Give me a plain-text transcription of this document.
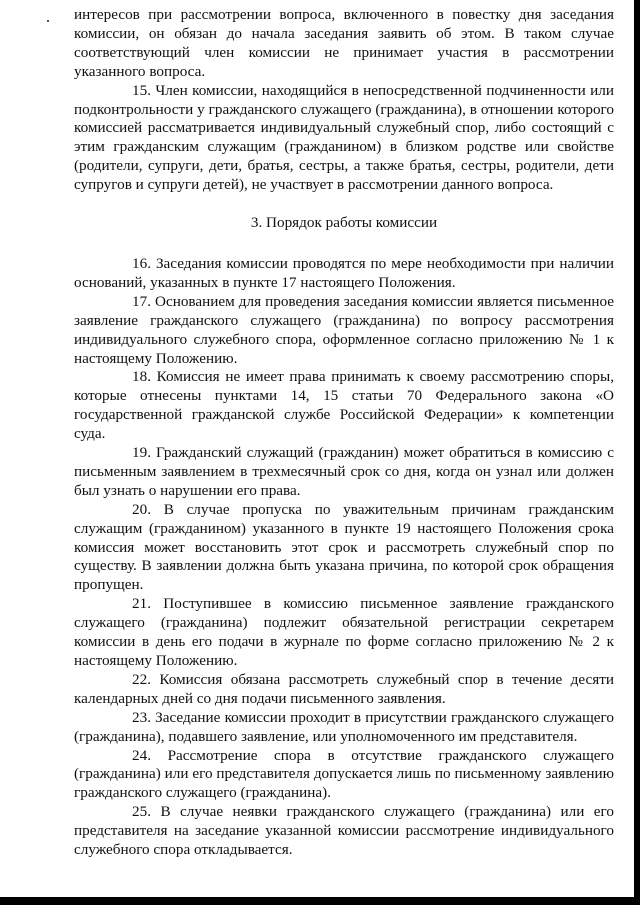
интересов при рассмотрении вопроса, включенного в повестку дня заседания комиссии, он обязан до начала заседания заявить об этом. В таком случае соответствующий член комиссии не принимает участия в рассмотрении указанного вопроса.

15. Член комиссии, находящийся в непосредственной подчиненности или подконтрольности у гражданского служащего (гражданина), в отношении которого комиссией рассматривается индивидуальный служебный спор, либо состоящий с этим гражданским служащим (гражданином) в близком родстве или свойстве (родители, супруги, дети, братья, сестры, а также братья, сестры, родители, дети супругов и супруги детей), не участвует в рассмотрении данного вопроса.

3. Порядок работы комиссии

16. Заседания комиссии проводятся по мере необходимости при наличии оснований, указанных в пункте 17 настоящего Положения.

17. Основанием для проведения заседания комиссии является письменное заявление гражданского служащего (гражданина) по вопросу рассмотрения индивидуального служебного спора, оформленное согласно приложению № 1 к настоящему Положению.

18. Комиссия не имеет права принимать к своему рассмотрению споры, которые отнесены пунктами 14, 15 статьи 70 Федерального закона «О государственной гражданской службе Российской Федерации» к компетенции суда.

19. Гражданский служащий (гражданин) может обратиться в комиссию с письменным заявлением в трехмесячный срок со дня, когда он узнал или должен был узнать о нарушении его права.

20. В случае пропуска по уважительным причинам гражданским служащим (гражданином) указанного в пункте 19 настоящего Положения срока комиссия может восстановить этот срок и рассмотреть служебный спор по существу. В заявлении должна быть указана причина, по которой срок обращения пропущен.

21. Поступившее в комиссию письменное заявление гражданского служащего (гражданина) подлежит обязательной регистрации секретарем комиссии в день его подачи в журнале по форме согласно приложению № 2 к настоящему Положению.

22. Комиссия обязана рассмотреть служебный спор в течение десяти календарных дней со дня подачи письменного заявления.

23. Заседание комиссии проходит в присутствии гражданского служащего (гражданина), подавшего заявление, или уполномоченного им представителя.

24. Рассмотрение спора в отсутствие гражданского служащего (гражданина) или его представителя допускается лишь по письменному заявлению гражданского служащего (гражданина).

25. В случае неявки гражданского служащего (гражданина) или его представителя на заседание указанной комиссии рассмотрение индивидуального служебного спора откладывается.
